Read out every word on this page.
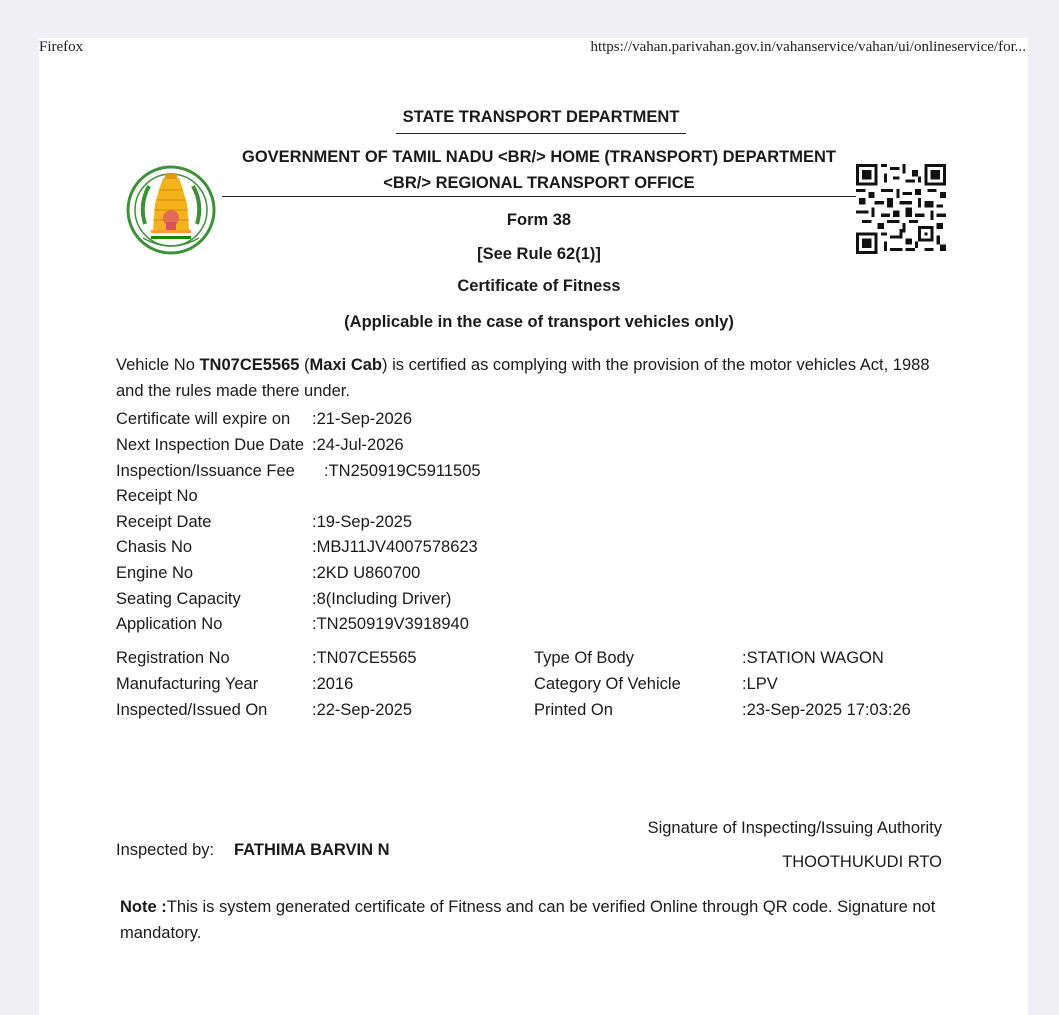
Firefox	https://vahan.parivahan.gov.in/vahanservice/vahan/ui/onlineservice/for...
STATE TRANSPORT DEPARTMENT
GOVERNMENT OF TAMIL NADU <BR/> HOME (TRANSPORT) DEPARTMENT
<BR/> REGIONAL TRANSPORT OFFICE
Form 38
[See Rule 62(1)]
Certificate of Fitness
(Applicable in the case of transport vehicles only)
Vehicle No TN07CE5565 (Maxi Cab) is certified as complying with the provision of the motor vehicles Act, 1988 and the rules made there under.
Certificate will expire on :21-Sep-2026
Next Inspection Due Date :24-Jul-2026
Inspection/Issuance Fee :TN250919C5911505
Receipt No
Receipt Date	:19-Sep-2025
Chasis No	:MBJ11JV4007578623
Engine No	:2KD U860700
Seating Capacity	:8(Including Driver)
Application No	:TN250919V3918940
Registration No	:TN07CE5565	Type Of Body	:STATION WAGON
Manufacturing Year	:2016	Category Of Vehicle	:LPV
Inspected/Issued On	:22-Sep-2025	Printed On	:23-Sep-2025 17:03:26
Signature of Inspecting/Issuing Authority
THOOTHUKUDI RTO
Inspected by: FATHIMA BARVIN N
Note :This is system generated certificate of Fitness and can be verified Online through QR code. Signature not mandatory.
